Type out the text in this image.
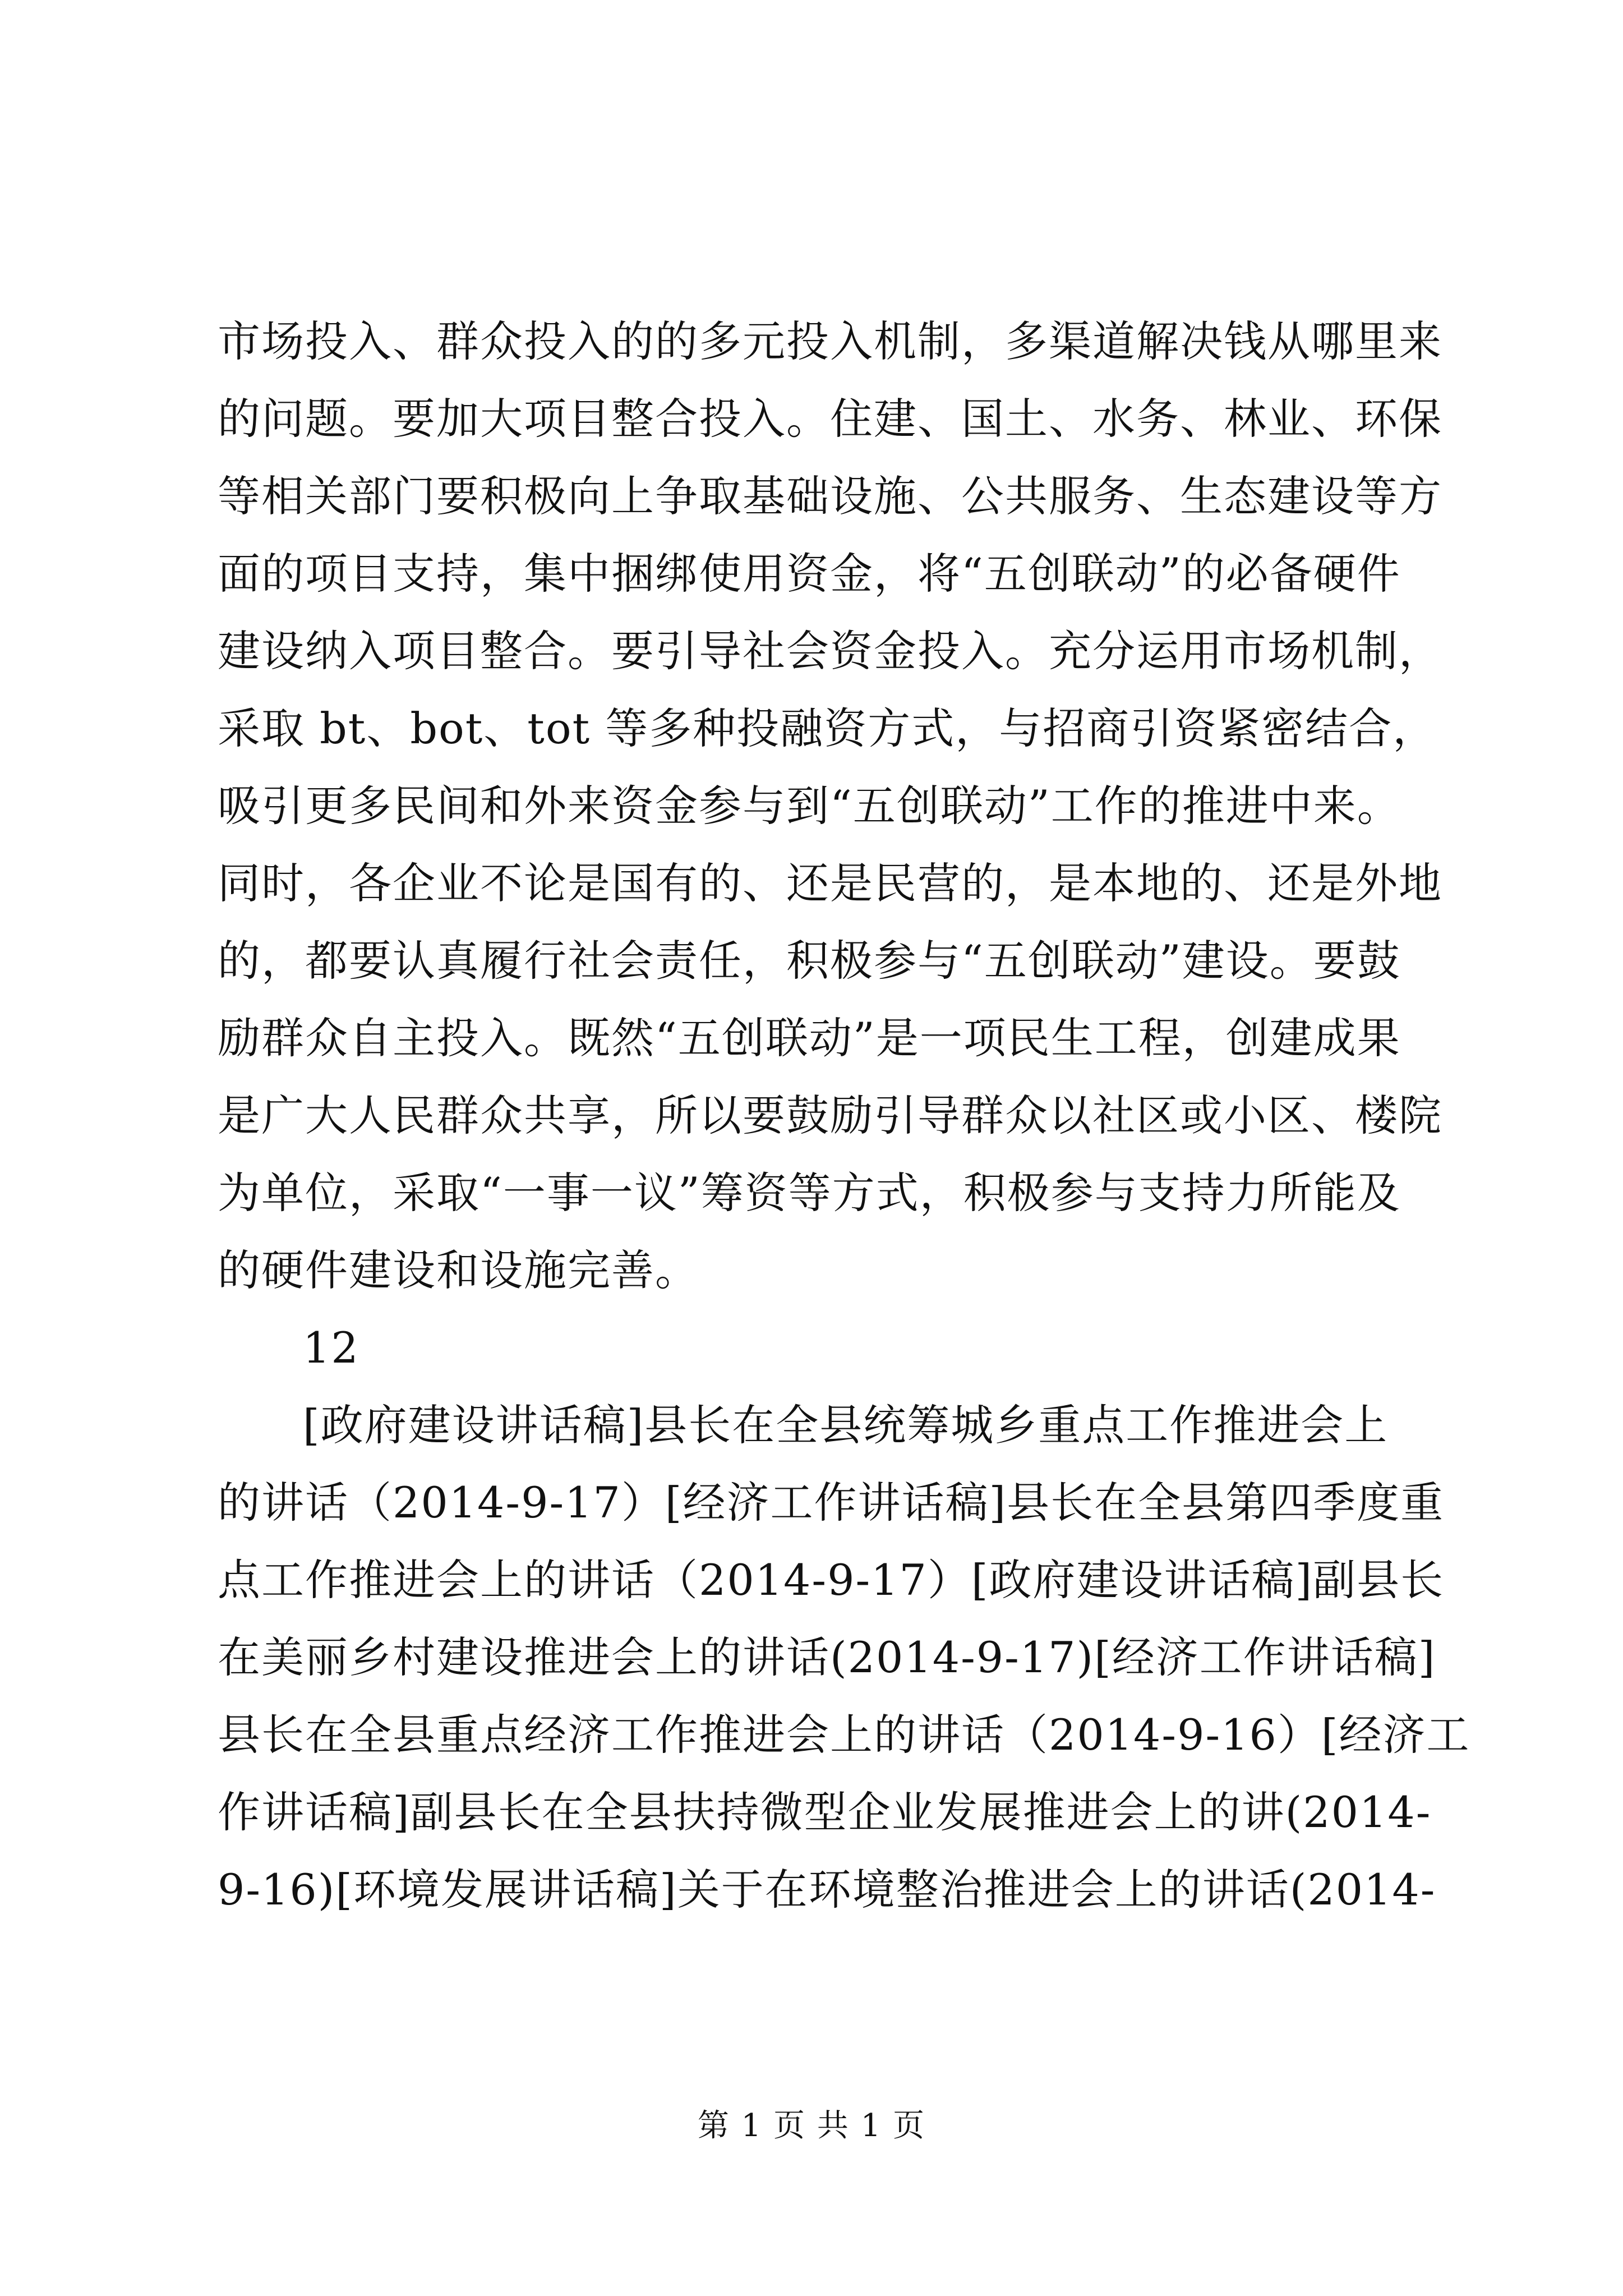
市场投入、群众投入的的多元投入机制，多渠道解决钱从哪里来
的问题。要加大项目整合投入。住建、国土、水务、林业、环保
等相关部门要积极向上争取基础设施、公共服务、生态建设等方
面的项目支持，集中捆绑使用资金，将“五创联动”的必备硬件
建设纳入项目整合。要引导社会资金投入。充分运用市场机制，
采取 bt、bot、tot 等多种投融资方式，与招商引资紧密结合，
吸引更多民间和外来资金参与到“五创联动”工作的推进中来。
同时，各企业不论是国有的、还是民营的，是本地的、还是外地
的，都要认真履行社会责任，积极参与“五创联动”建设。要鼓
励群众自主投入。既然“五创联动”是一项民生工程，创建成果
是广大人民群众共享，所以要鼓励引导群众以社区或小区、楼院
为单位，采取“一事一议”筹资等方式，积极参与支持力所能及
的硬件建设和设施完善。
12
[政府建设讲话稿]县长在全县统筹城乡重点工作推进会上
的讲话（2014-9-17）[经济工作讲话稿]县长在全县第四季度重
点工作推进会上的讲话（2014-9-17）[政府建设讲话稿]副县长
在美丽乡村建设推进会上的讲话(2014-9-17)[经济工作讲话稿]
县长在全县重点经济工作推进会上的讲话（2014-9-16）[经济工
作讲话稿]副县长在全县扶持微型企业发展推进会上的讲(2014-
9-16)[环境发展讲话稿]关于在环境整治推进会上的讲话(2014-
第 1 页 共 1 页
